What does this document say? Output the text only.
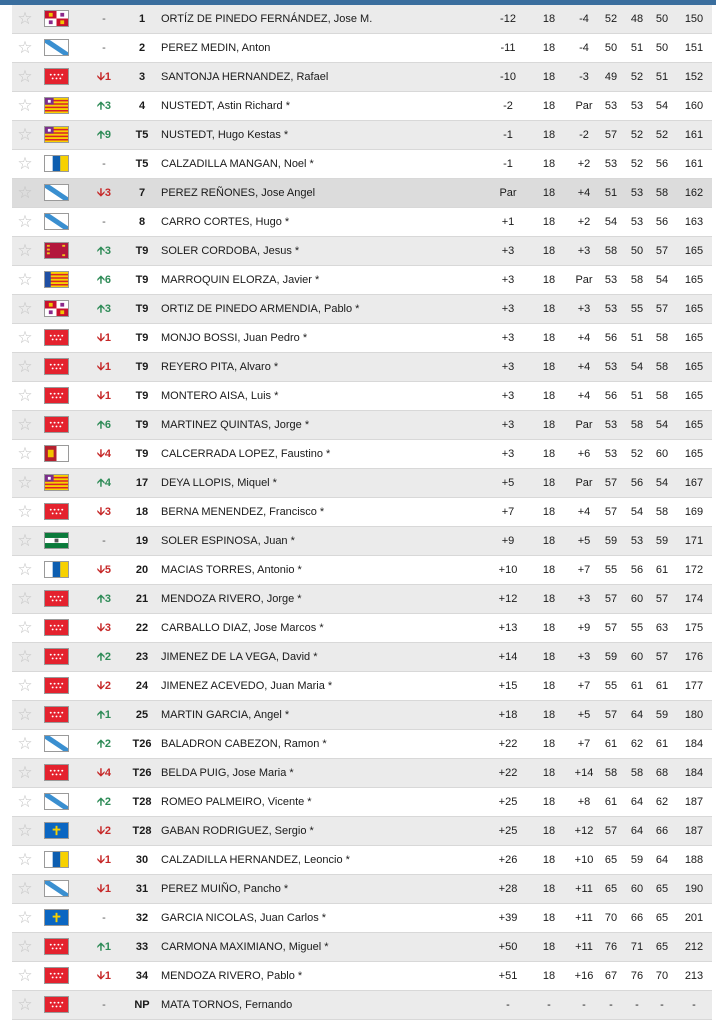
☆	-	1	ORTÍZ DE PINEDO FERNÁNDEZ, Jose M.	-12	18	-4	52	48	50	150
☆	-	2	PEREZ MEDIN, Anton	-11	18	-4	50	51	50	151
☆	🡫1	3	SANTONJA HERNANDEZ, Rafael	-10	18	-3	49	52	51	152
☆	🡩3	4	NUSTEDT, Astin Richard *	-2	18	Par	53	53	54	160
☆	🡩9	T5	NUSTEDT, Hugo Kestas *	-1	18	-2	57	52	52	161
☆	-	T5	CALZADILLA MANGAN, Noel *	-1	18	+2	53	52	56	161
☆	🡫3	7	PEREZ REÑONES, Jose Angel	Par	18	+4	51	53	58	162
☆	-	8	CARRO CORTES, Hugo *	+1	18	+2	54	53	56	163
☆	🡩3	T9	SOLER CORDOBA, Jesus *	+3	18	+3	58	50	57	165
☆	🡩6	T9	MARROQUIN ELORZA, Javier *	+3	18	Par	53	58	54	165
☆	🡩3	T9	ORTIZ DE PINEDO ARMENDIA, Pablo *	+3	18	+3	53	55	57	165
☆	🡫1	T9	MONJO BOSSI, Juan Pedro *	+3	18	+4	56	51	58	165
☆	🡫1	T9	REYERO PITA, Alvaro *	+3	18	+4	53	54	58	165
☆	🡫1	T9	MONTERO AISA, Luis *	+3	18	+4	56	51	58	165
☆	🡩6	T9	MARTINEZ QUINTAS, Jorge *	+3	18	Par	53	58	54	165
☆	🡫4	T9	CALCERRADA LOPEZ, Faustino *	+3	18	+6	53	52	60	165
☆	🡩4	17	DEYA LLOPIS, Miquel *	+5	18	Par	57	56	54	167
☆	🡫3	18	BERNA MENENDEZ, Francisco *	+7	18	+4	57	54	58	169
☆	-	19	SOLER ESPINOSA, Juan *	+9	18	+5	59	53	59	171
☆	🡫5	20	MACIAS TORRES, Antonio *	+10	18	+7	55	56	61	172
☆	🡩3	21	MENDOZA RIVERO, Jorge *	+12	18	+3	57	60	57	174
☆	🡫3	22	CARBALLO DIAZ, Jose Marcos *	+13	18	+9	57	55	63	175
☆	🡩2	23	JIMENEZ DE LA VEGA, David *	+14	18	+3	59	60	57	176
☆	🡫2	24	JIMENEZ ACEVEDO, Juan Maria *	+15	18	+7	55	61	61	177
☆	🡩1	25	MARTIN GARCIA, Angel *	+18	18	+5	57	64	59	180
☆	🡩2	T26 BALADRON CABEZON, Ramon *	+22	18	+7	61	62	61	184
☆	🡫4	T26 BELDA PUIG, Jose Maria *	+22	18	+14	58	58	68	184
☆	🡩2	T28 ROMEO PALMEIRO, Vicente *	+25	18	+8	61	64	62	187
☆	🡫2	T28 GABAN RODRIGUEZ, Sergio *	+25	18	+12	57	64	66	187
☆	🡫1	30	CALZADILLA HERNANDEZ, Leoncio *	+26	18	+10	65	59	64	188
☆	🡫1	31	PEREZ MUIÑO, Pancho *	+28	18	+11	65	60	65	190
☆	-	32	GARCIA NICOLAS, Juan Carlos *	+39	18	+11	70	66	65	201
☆	🡩1	33	CARMONA MAXIMIANO, Miguel *	+50	18	+11	76	71	65	212
☆	🡫1	34	MENDOZA RIVERO, Pablo *	+51	18	+16	67	76	70	213
☆	-	NP	MATA TORNOS, Fernando	-	-	-	-	-	-	-
